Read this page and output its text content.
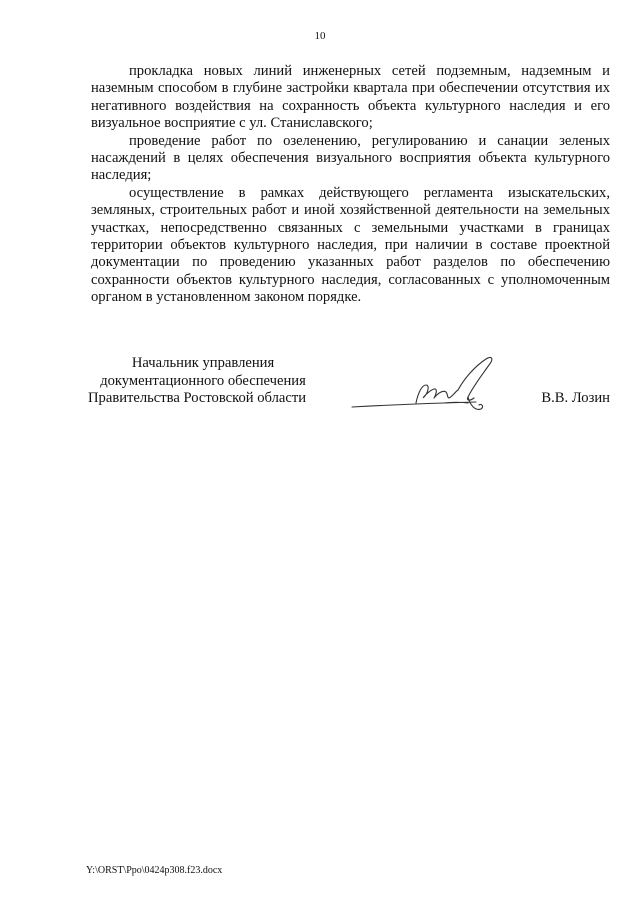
10

прокладка новых линий инженерных сетей подземным, надземным и наземным способом в глубине застройки квартала при обеспечении отсутствия их негативного воздействия на сохранность объекта культурного наследия и его визуальное восприятие с ул. Станиславского;

проведение работ по озеленению, регулированию и санации зеленых насаждений в целях обеспечения визуального восприятия объекта культурного наследия;

осуществление в рамках действующего регламента изыскательских, земляных, строительных работ и иной хозяйственной деятельности на земельных участках, непосредственно связанных с земельными участками в границах территории объектов культурного наследия, при наличии в составе проектной документации по проведению указанных работ разделов по обеспечению сохранности объектов культурного наследия, согласованных с уполномоченным органом в установленном законом порядке.

Начальник управления
документационного обеспечения
Правительства Ростовской области	В.В. Лозин
Y:\ORST\Ppo\0424p308.f23.docx
